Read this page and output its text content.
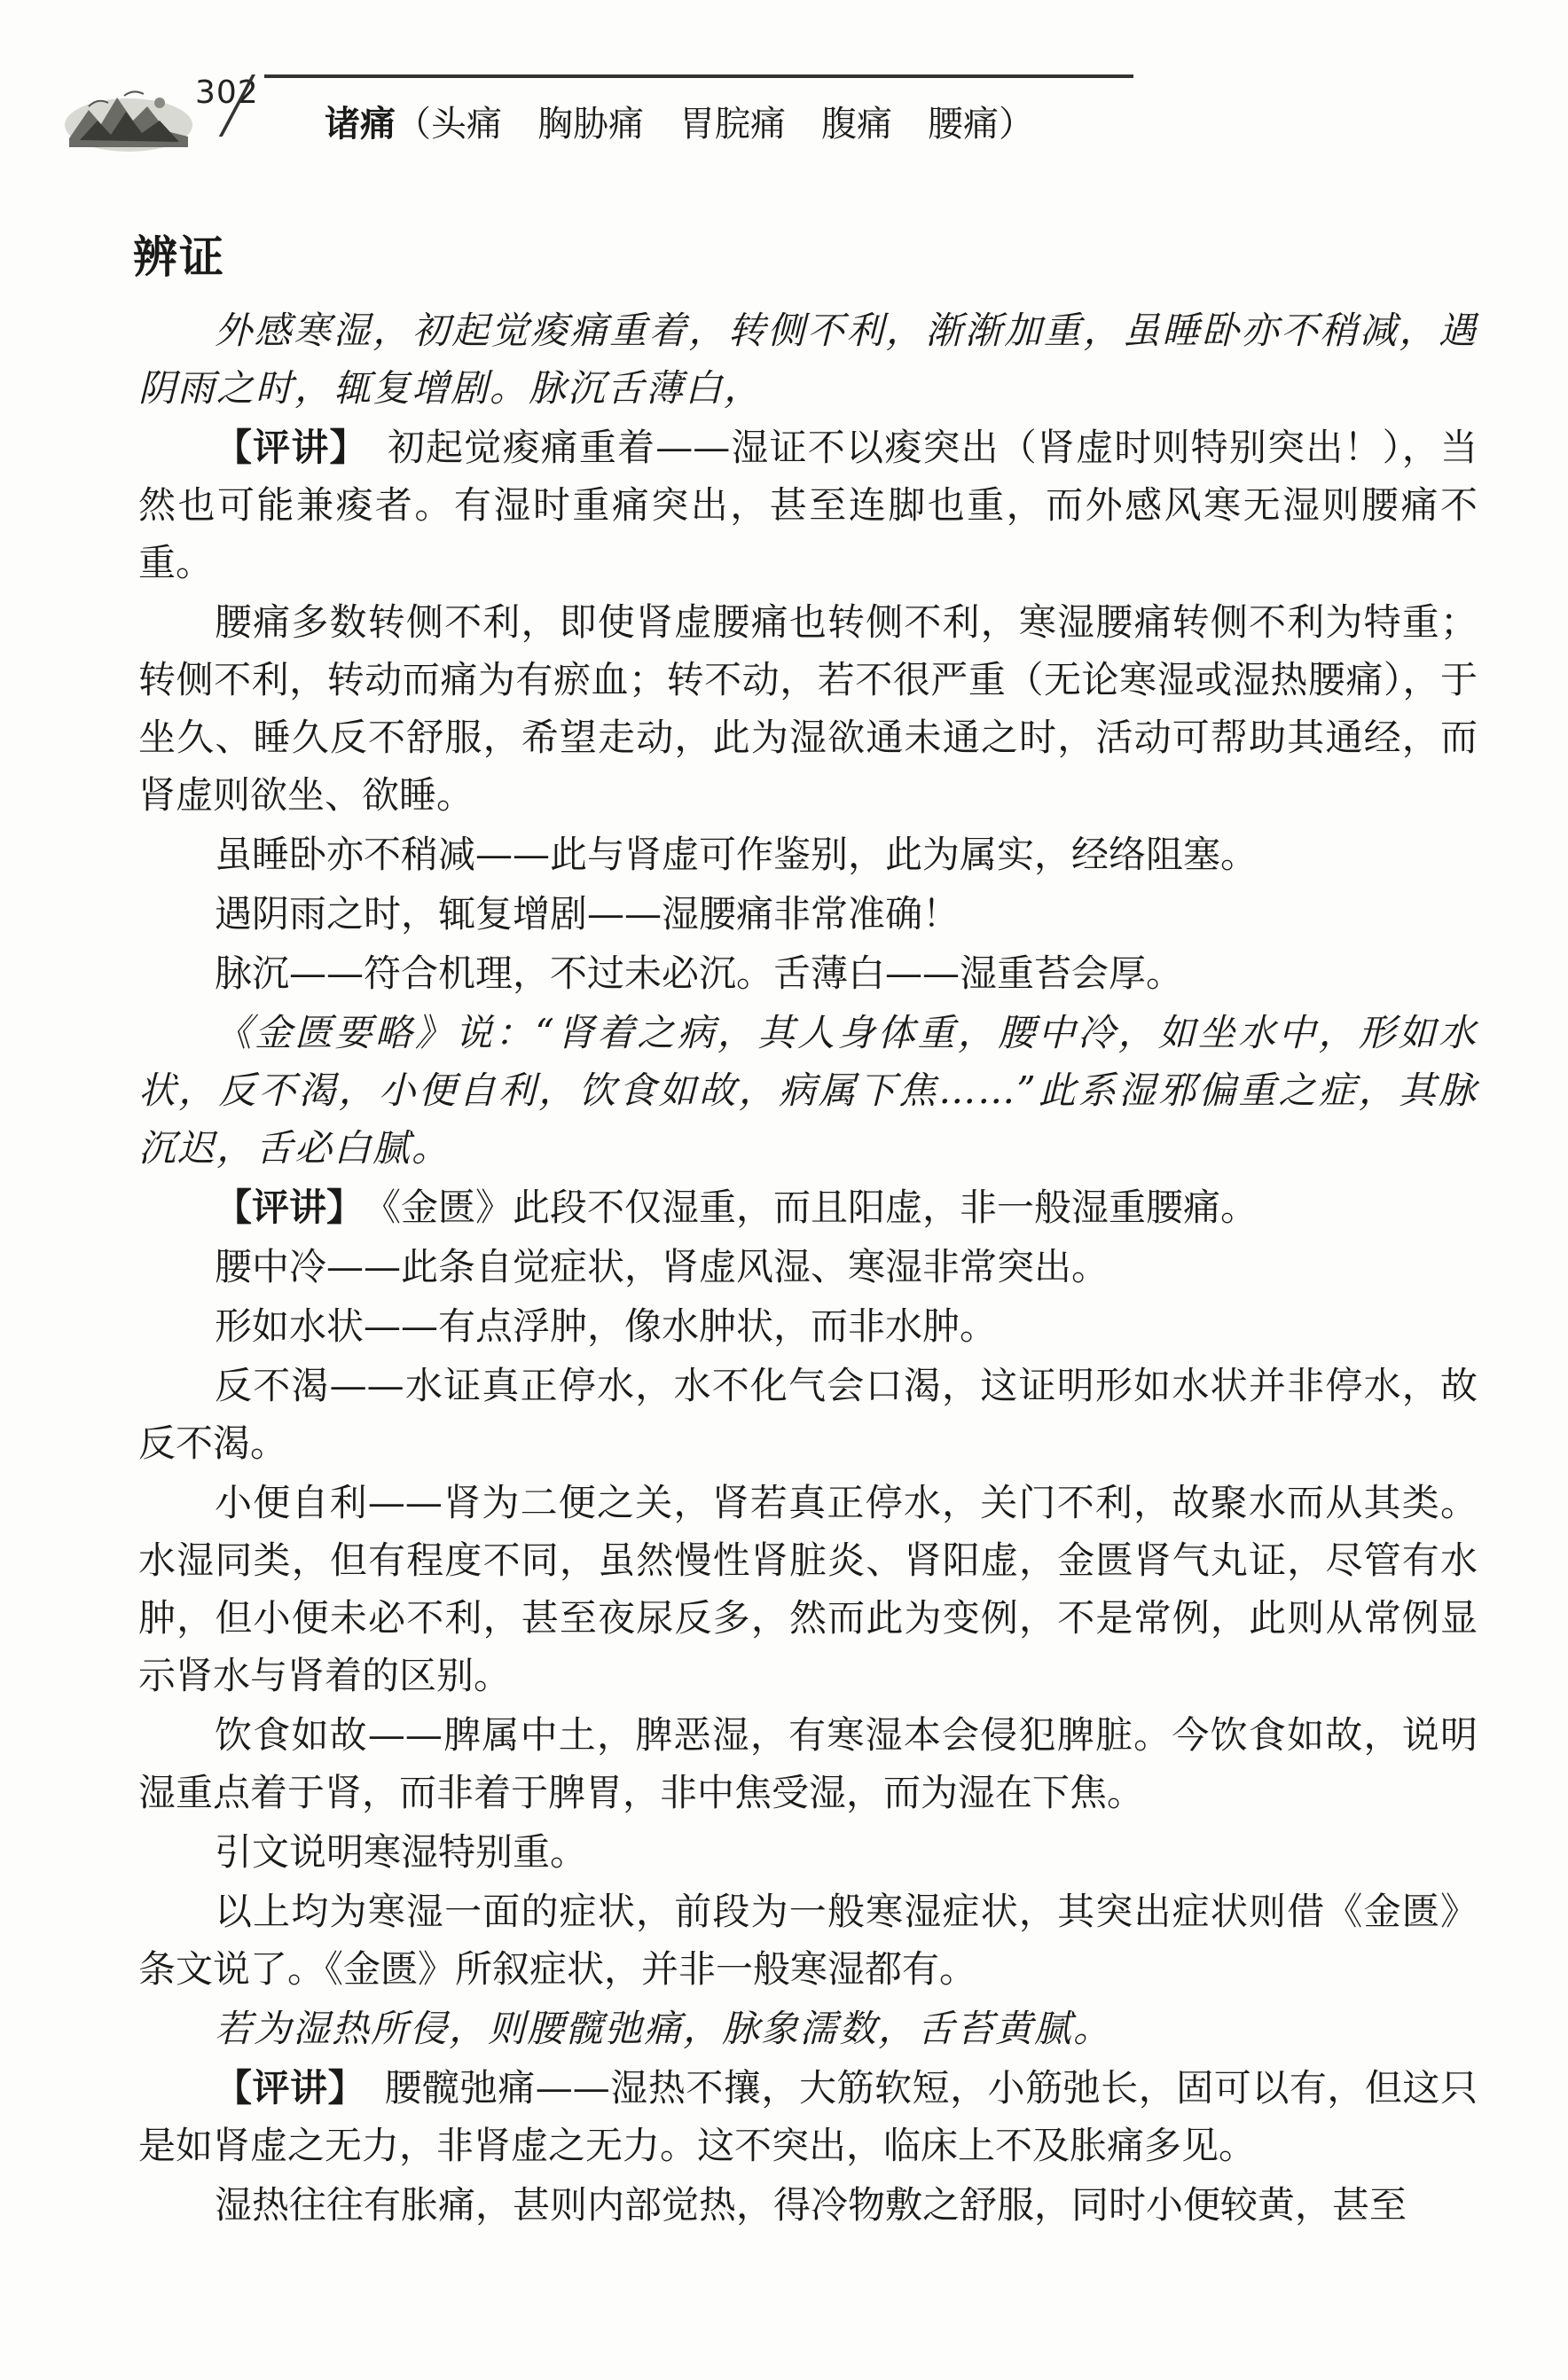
302
诸痛（头痛　胸胁痛　胃脘痛　腹痛　腰痛）
辨证

外感寒湿，初起觉痠痛重着，转侧不利，渐渐加重，虽睡卧亦不稍减，遇阴雨之时，辄复增剧。脉沉舌薄白，

【评讲】　 初起觉痠痛重着——湿证不以痠突出（肾虚时则特别突出！），当然也可能兼痠者。有湿时重痛突出，甚至连脚也重，而外感风寒无湿则腰痛不重。

腰痛多数转侧不利，即使肾虚腰痛也转侧不利，寒湿腰痛转侧不利为特重；转侧不利，转动而痛为有瘀血；转不动，若不很严重（无论寒湿或湿热腰痛），于坐久、睡久反不舒服，希望走动，此为湿欲通未通之时，活动可帮助其通经，而肾虚则欲坐、欲睡。

虽睡卧亦不稍减——此与肾虚可作鉴别，此为属实，经络阻塞。

遇阴雨之时，辄复增剧——湿腰痛非常准确！

脉沉——符合机理，不过未必沉。舌薄白——湿重苔会厚。

《金匮要略》说：“肾着之病，其人身体重，腰中冷，如坐水中，形如水状，反不渴，小便自利，饮食如故，病属下焦……”此系湿邪偏重之症，其脉沉迟，舌必白腻。

【评讲】　 《金匮》此段不仅湿重，而且阳虚，非一般湿重腰痛。

腰中冷——此条自觉症状，肾虚风湿、寒湿非常突出。

形如水状——有点浮肿，像水肿状，而非水肿。

反不渴——水证真正停水，水不化气会口渴，这证明形如水状并非停水，故反不渴。

小便自利——肾为二便之关，肾若真正停水，关门不利，故聚水而从其类。水湿同类，但有程度不同，虽然慢性肾脏炎、肾阳虚，金匮肾气丸证，尽管有水肿，但小便未必不利，甚至夜尿反多，然而此为变例，不是常例，此则从常例显示肾水与肾着的区别。

饮食如故——脾属中土，脾恶湿，有寒湿本会侵犯脾脏。今饮食如故，说明湿重点着于肾，而非着于脾胃，非中焦受湿，而为湿在下焦。

引文说明寒湿特别重。

以上均为寒湿一面的症状，前段为一般寒湿症状，其突出症状则借《金匮》条文说了。《金匮》所叙症状，并非一般寒湿都有。

若为湿热所侵，则腰髋弛痛，脉象濡数，舌苔黄腻。

【评讲】　 腰髋弛痛——湿热不攘，大筋软短，小筋弛长，固可以有，但这只是如肾虚之无力，非肾虚之无力。这不突出，临床上不及胀痛多见。

湿热往往有胀痛，甚则内部觉热，得冷物敷之舒服，同时小便较黄，甚至
